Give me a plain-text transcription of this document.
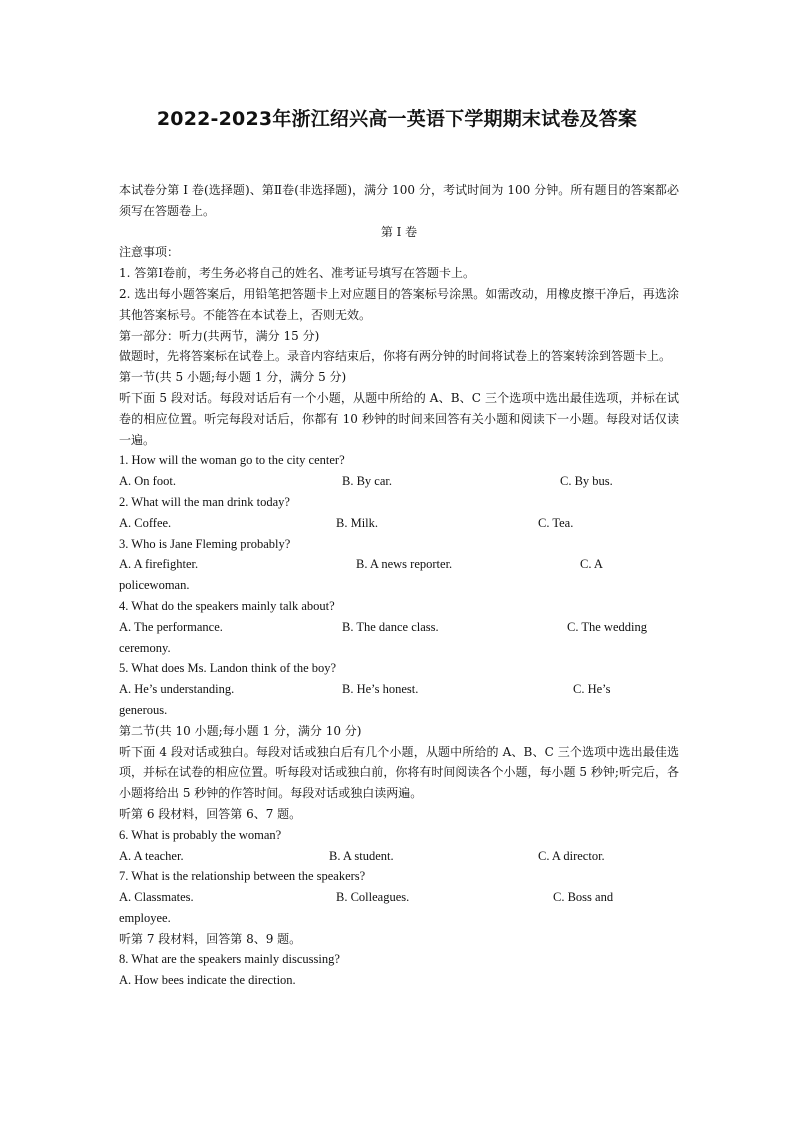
2022-2023年浙江绍兴高一英语下学期期末试卷及答案

本试卷分第 I 卷(选择题)、第Ⅱ卷(非选择题)，满分 100 分，考试时间为 100 分钟。所有题目的答案都必须写在答题卷上。

第 I 卷

注意事项：

1. 答第Ⅰ卷前，考生务必将自己的姓名、准考证号填写在答题卡上。

2. 选出每小题答案后，用铅笔把答题卡上对应题目的答案标号涂黑。如需改动，用橡皮擦干净后，再选涂其他答案标号。不能答在本试卷上，否则无效。

第一部分：听力(共两节，满分 15 分)

做题时，先将答案标在试卷上。录音内容结束后，你将有两分钟的时间将试卷上的答案转涂到答题卡上。

第一节(共 5 小题;每小题 1 分，满分 5 分)

听下面 5 段对话。每段对话后有一个小题，从题中所给的 A、B、C 三个选项中选出最佳选项，并标在试卷的相应位置。听完每段对话后，你都有 10 秒钟的时间来回答有关小题和阅读下一小题。每段对话仅读一遍。

1. How will the woman go to the city center?

A. On foot.	B. By car.	C. By bus.

2. What will the man drink today?

A. Coffee.	B. Milk.	C. Tea.

3. Who is Jane Fleming probably?

A. A firefighter.	B. A news reporter.	C. A

policewoman.

4. What do the speakers mainly talk about?

A. The performance.	B. The dance class.	C. The wedding

ceremony.

5. What does Ms. Landon think of the boy?

A. He’s understanding.	B. He’s honest.	C. He’s

generous.

第二节(共 10 小题;每小题 1 分，满分 10 分)

听下面 4 段对话或独白。每段对话或独白后有几个小题，从题中所给的 A、B、C 三个选项中选出最佳选项，并标在试卷的相应位置。听每段对话或独白前，你将有时间阅读各个小题，每小题 5 秒钟;听完后，各小题将给出 5 秒钟的作答时间。每段对话或独白读两遍。

听第 6 段材料，回答第 6、7 题。

6. What is probably the woman?

A. A teacher.	B. A student.	C. A director.

7. What is the relationship between the speakers?

A. Classmates.	B. Colleagues.	C. Boss and

employee.

听第 7 段材料，回答第 8、9 题。

8. What are the speakers mainly discussing?

A. How bees indicate the direction.
